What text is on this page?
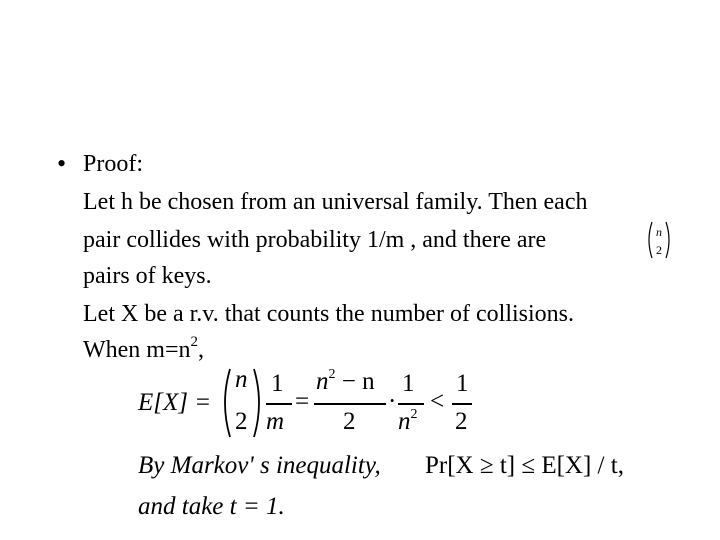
• Proof:
Let h be chosen from an universal family. Then each
pair collides with probability 1/m , and there are
pairs of keys.
Let X be a r.v. that counts the number of collisions.
When $m=n^2$,
n
2
E[X] =
n
2
1
m
=
$n^2 - n$
2
·
1
$n^2$ <
1
2
By Markov' s inequality, Pr[X ≥ t] ≤ E[X] / t,
and take t = 1.
